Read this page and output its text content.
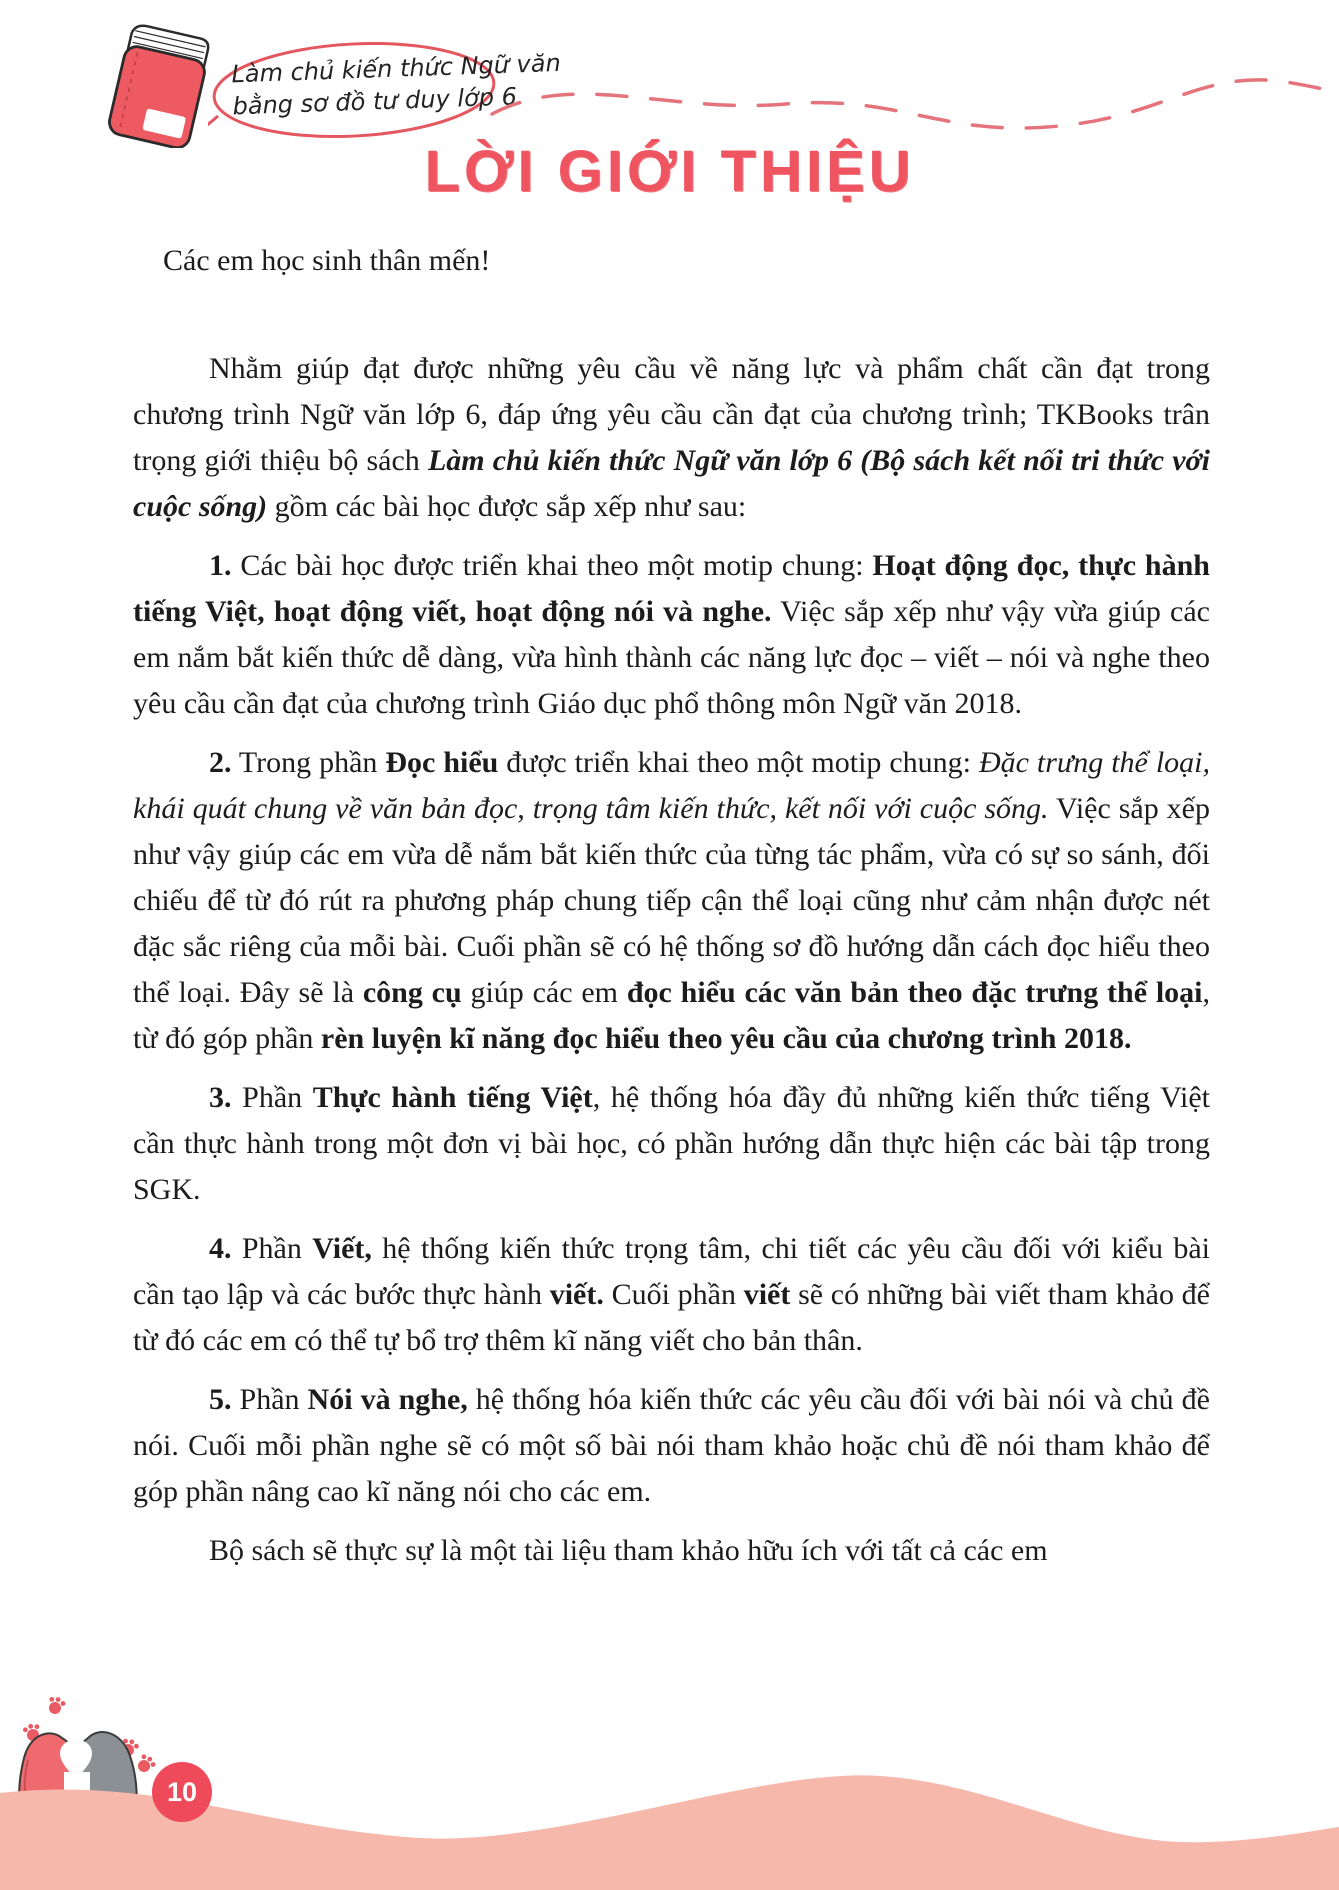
Làm chủ kiến thức Ngữ văn
bằng sơ đồ tư duy lớp 6
LỜI GIỚI THIỆU

Các em học sinh thân mến!

Nhằm giúp đạt được những yêu cầu về năng lực và phẩm chất cần đạt trong chương trình Ngữ văn lớp 6, đáp ứng yêu cầu cần đạt của chương trình; TKBooks trân trọng giới thiệu bộ sách Làm chủ kiến thức Ngữ văn lớp 6 (Bộ sách kết nối tri thức với cuộc sống) gồm các bài học được sắp xếp như sau:

1. Các bài học được triển khai theo một motip chung: Hoạt động đọc, thực hành tiếng Việt, hoạt động viết, hoạt động nói và nghe. Việc sắp xếp như vậy vừa giúp các em nắm bắt kiến thức dễ dàng, vừa hình thành các năng lực đọc – viết – nói và nghe theo yêu cầu cần đạt của chương trình Giáo dục phổ thông môn Ngữ văn 2018.

2. Trong phần Đọc hiểu được triển khai theo một motip chung: Đặc trưng thể loại, khái quát chung về văn bản đọc, trọng tâm kiến thức, kết nối với cuộc sống. Việc sắp xếp như vậy giúp các em vừa dễ nắm bắt kiến thức của từng tác phẩm, vừa có sự so sánh, đối chiếu để từ đó rút ra phương pháp chung tiếp cận thể loại cũng như cảm nhận được nét đặc sắc riêng của mỗi bài. Cuối phần sẽ có hệ thống sơ đồ hướng dẫn cách đọc hiểu theo thể loại. Đây sẽ là công cụ giúp các em đọc hiểu các văn bản theo đặc trưng thể loại, từ đó góp phần rèn luyện kĩ năng đọc hiểu theo yêu cầu của chương trình 2018.

3. Phần Thực hành tiếng Việt, hệ thống hóa đầy đủ những kiến thức tiếng Việt cần thực hành trong một đơn vị bài học, có phần hướng dẫn thực hiện các bài tập trong SGK.

4. Phần Viết, hệ thống kiến thức trọng tâm, chi tiết các yêu cầu đối với kiểu bài cần tạo lập và các bước thực hành viết. Cuối phần viết sẽ có những bài viết tham khảo để từ đó các em có thể tự bổ trợ thêm kĩ năng viết cho bản thân.

5. Phần Nói và nghe, hệ thống hóa kiến thức các yêu cầu đối với bài nói và chủ đề nói. Cuối mỗi phần nghe sẽ có một số bài nói tham khảo hoặc chủ đề nói tham khảo để góp phần nâng cao kĩ năng nói cho các em.

Bộ sách sẽ thực sự là một tài liệu tham khảo hữu ích với tất cả các em

10
